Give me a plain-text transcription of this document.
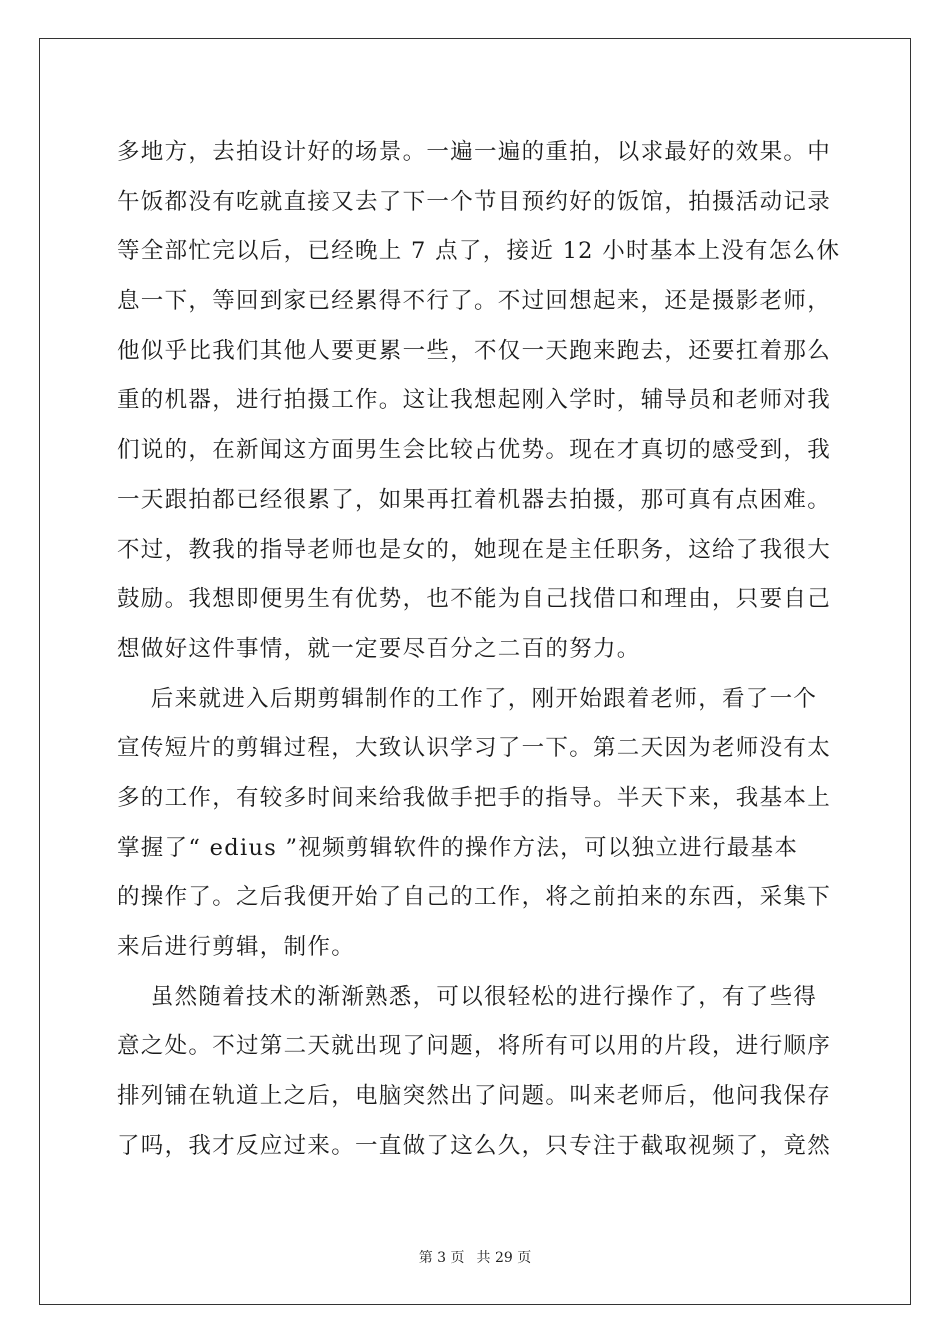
多地方，去拍设计好的场景。一遍一遍的重拍，以求最好的效果。中
午饭都没有吃就直接又去了下一个节目预约好的饭馆，拍摄活动记录
等全部忙完以后，已经晚上 7 点了，接近 12 小时基本上没有怎么休
息一下，等回到家已经累得不行了。不过回想起来，还是摄影老师，
他似乎比我们其他人要更累一些，不仅一天跑来跑去，还要扛着那么
重的机器，进行拍摄工作。这让我想起刚入学时，辅导员和老师对我
们说的，在新闻这方面男生会比较占优势。现在才真切的感受到，我
一天跟拍都已经很累了，如果再扛着机器去拍摄，那可真有点困难。
不过，教我的指导老师也是女的，她现在是主任职务，这给了我很大
鼓励。我想即便男生有优势，也不能为自己找借口和理由，只要自己
想做好这件事情，就一定要尽百分之二百的努力。
后来就进入后期剪辑制作的工作了，刚开始跟着老师，看了一个
宣传短片的剪辑过程，大致认识学习了一下。第二天因为老师没有太
多的工作，有较多时间来给我做手把手的指导。半天下来，我基本上
掌握了“ edius ”视频剪辑软件的操作方法，可以独立进行最基本
的操作了。之后我便开始了自己的工作，将之前拍来的东西，采集下
来后进行剪辑，制作。
虽然随着技术的渐渐熟悉，可以很轻松的进行操作了，有了些得
意之处。不过第二天就出现了问题，将所有可以用的片段，进行顺序
排列铺在轨道上之后，电脑突然出了问题。叫来老师后，他问我保存
了吗，我才反应过来。一直做了这么久，只专注于截取视频了，竟然
第 3 页 共 29 页
